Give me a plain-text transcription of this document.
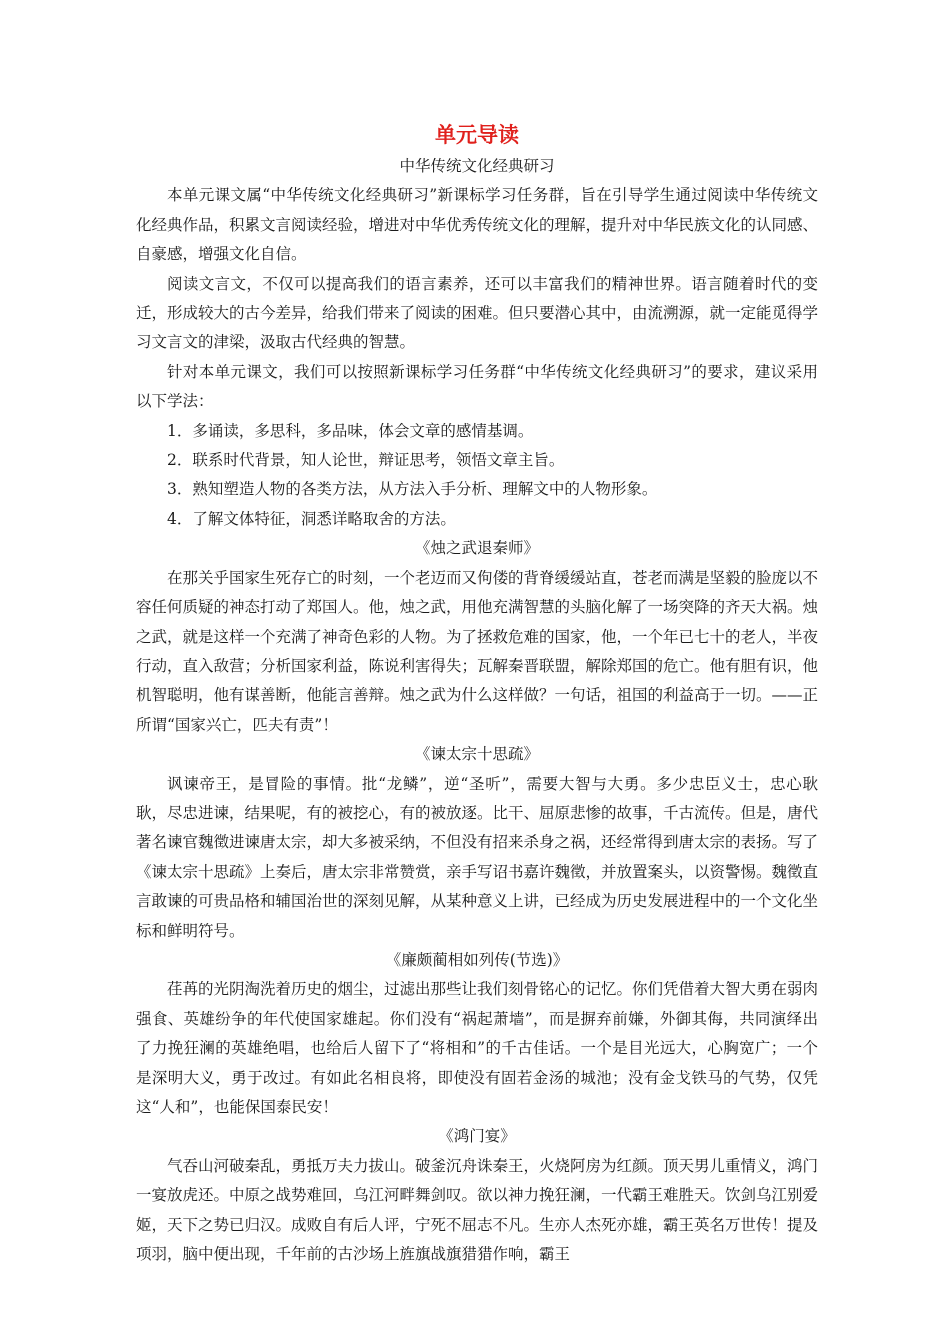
单元导读

中华传统文化经典研习

本单元课文属“中华传统文化经典研习”新课标学习任务群，旨在引导学生通过阅读中华传统文化经典作品，积累文言阅读经验，增进对中华优秀传统文化的理解，提升对中华民族文化的认同感、自豪感，增强文化自信。

阅读文言文，不仅可以提高我们的语言素养，还可以丰富我们的精神世界。语言随着时代的变迁，形成较大的古今差异，给我们带来了阅读的困难。但只要潜心其中，由流溯源，就一定能觅得学习文言文的津梁，汲取古代经典的智慧。

针对本单元课文，我们可以按照新课标学习任务群“中华传统文化经典研习”的要求，建议采用以下学法：

1．多诵读，多思科，多品味，体会文章的感情基调。

2．联系时代背景，知人论世，辩证思考，领悟文章主旨。

3．熟知塑造人物的各类方法，从方法入手分析、理解文中的人物形象。

4．了解文体特征，洞悉详略取舍的方法。

《烛之武退秦师》

在那关乎国家生死存亡的时刻，一个老迈而又佝偻的背脊缓缓站直，苍老而满是坚毅的脸庞以不容任何质疑的神态打动了郑国人。他，烛之武，用他充满智慧的头脑化解了一场突降的齐天大祸。烛之武，就是这样一个充满了神奇色彩的人物。为了拯救危难的国家，他，一个年已七十的老人，半夜行动，直入敌营；分析国家利益，陈说利害得失；瓦解秦晋联盟，解除郑国的危亡。他有胆有识，他机智聪明，他有谋善断，他能言善辩。烛之武为什么这样做？一句话，祖国的利益高于一切。——正所谓“国家兴亡，匹夫有责”！

《谏太宗十思疏》

讽谏帝王，是冒险的事情。批“龙鳞”，逆“圣听”，需要大智与大勇。多少忠臣义士，忠心耿耿，尽忠进谏，结果呢，有的被挖心，有的被放逐。比干、屈原悲惨的故事，千古流传。但是，唐代著名谏官魏徵进谏唐太宗，却大多被采纳，不但没有招来杀身之祸，还经常得到唐太宗的表扬。写了《谏太宗十思疏》上奏后，唐太宗非常赞赏，亲手写诏书嘉许魏徵，并放置案头，以资警惕。魏徵直言敢谏的可贵品格和辅国治世的深刻见解，从某种意义上讲，已经成为历史发展进程中的一个文化坐标和鲜明符号。

《廉颇蔺相如列传(节选)》

荏苒的光阴淘洗着历史的烟尘，过滤出那些让我们刻骨铭心的记忆。你们凭借着大智大勇在弱肉强食、英雄纷争的年代使国家雄起。你们没有“祸起萧墙”，而是摒弃前嫌，外御其侮，共同演绎出了力挽狂澜的英雄绝唱，也给后人留下了“将相和”的千古佳话。一个是目光远大，心胸宽广；一个是深明大义，勇于改过。有如此名相良将，即使没有固若金汤的城池；没有金戈铁马的气势，仅凭这“人和”，也能保国泰民安！

《鸿门宴》

气吞山河破秦乱，勇抵万夫力拔山。破釜沉舟诛秦王，火烧阿房为红颜。顶天男儿重情义，鸿门一宴放虎还。中原之战势难回，乌江河畔舞剑叹。欲以神力挽狂澜，一代霸王难胜天。饮剑乌江别爱姬，天下之势已归汉。成败自有后人评，宁死不屈志不凡。生亦人杰死亦雄，霸王英名万世传！提及项羽，脑中便出现，千年前的古沙场上旌旗战旗猎猎作响，霸王
